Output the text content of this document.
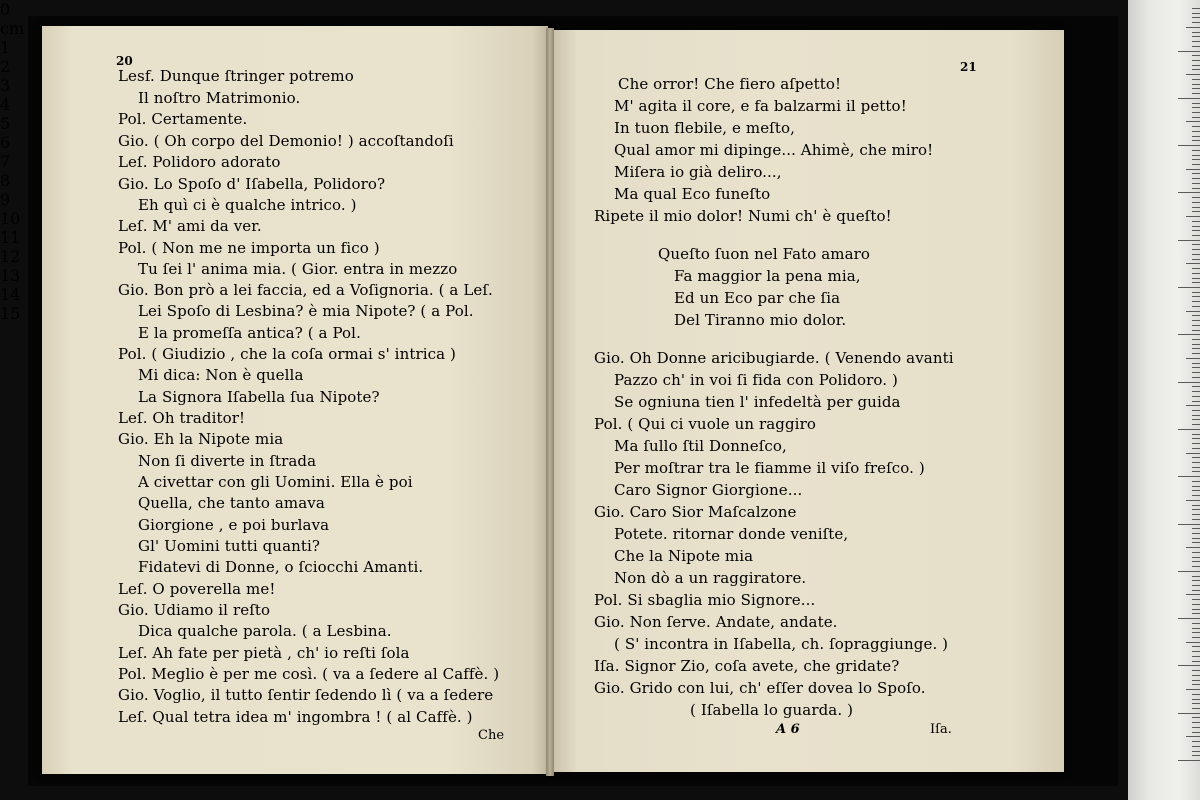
20
Lesf. Dunque ſtringer potremo
Il noſtro Matrimonio.
Pol. Certamente.
Gio. ( Oh corpo del Demonio! ) accoſtandoſi
Leſ. Polidoro adorato
Gio. Lo Spoſo d' Iſabella, Polidoro?
Eh quì ci è qualche intrico. )
Leſ. M' ami da ver.
Pol. ( Non me ne importa un fico )
Tu ſei l' anima mia. ( Gior. entra in mezzo
Gio. Bon prò a lei faccia, ed a Voſignoria. ( a Leſ.
Lei Spoſo di Lesbina? è mia Nipote? ( a Pol.
E la promeſſa antica? ( a Pol.
Pol. ( Giudizio , che la coſa ormai s' intrica )
Mi dica: Non è quella
La Signora Iſabella ſua Nipote?
Leſ. Oh traditor!
Gio. Eh la Nipote mia
Non ſi diverte in ſtrada
A civettar con gli Uomini. Ella è poi
Quella, che tanto amava
Giorgione , e poi burlava
Gl' Uomini tutti quanti?
Fidatevi di Donne, o ſciocchi Amanti.
Leſ. O poverella me!
Gio. Udiamo il reſto
Dica qualche parola. ( a Lesbina.
Leſ. Ah fate per pietà , ch' io reſti ſola
Pol. Meglio è per me così. ( va a ſedere al Caffè. )
Gio. Voglio, il tutto ſentir ſedendo lì ( va a ſedere
Leſ. Qual tetra idea m' ingombra ! ( al Caffè. )
Che
21
Che orror! Che fiero aſpetto!
M' agita il core, e fa balzarmi il petto!
In tuon flebile, e meſto,
Qual amor mi dipinge... Ahimè, che miro!
Miſera io già deliro...,
Ma qual Eco funeſto
Ripete il mio dolor! Numi ch' è queſto!
Queſto ſuon nel Fato amaro
Fa maggior la pena mia,
Ed un Eco par che ſia
Del Tiranno mio dolor.
Gio. Oh Donne aricibugiarde. ( Venendo avanti
Pazzo ch' in voi ſi fida con Polidoro. )
Se ogniuna tien l' infedeltà per guida
Pol. ( Qui ci vuole un raggiro
Ma ſullo ſtil Donneſco,
Per moſtrar tra le fiamme il viſo freſco. )
Caro Signor Giorgione...
Gio. Caro Sior Maſcalzone
Potete. ritornar donde veniſte,
Che la Nipote mia
Non dò a un raggiratore.
Pol. Si sbaglia mio Signore...
Gio. Non ſerve. Andate, andate.
( S' incontra in Iſabella, ch. ſopraggiunge. )
Iſa. Signor Zio, coſa avete, che gridate?
Gio. Grido con lui, ch' eſſer dovea lo Spoſo.
( Iſabella lo guarda. )
A 6	Iſa.
0 cm
1
2
3
4
5
6
7
8
9
10
11
12
13
14
15
